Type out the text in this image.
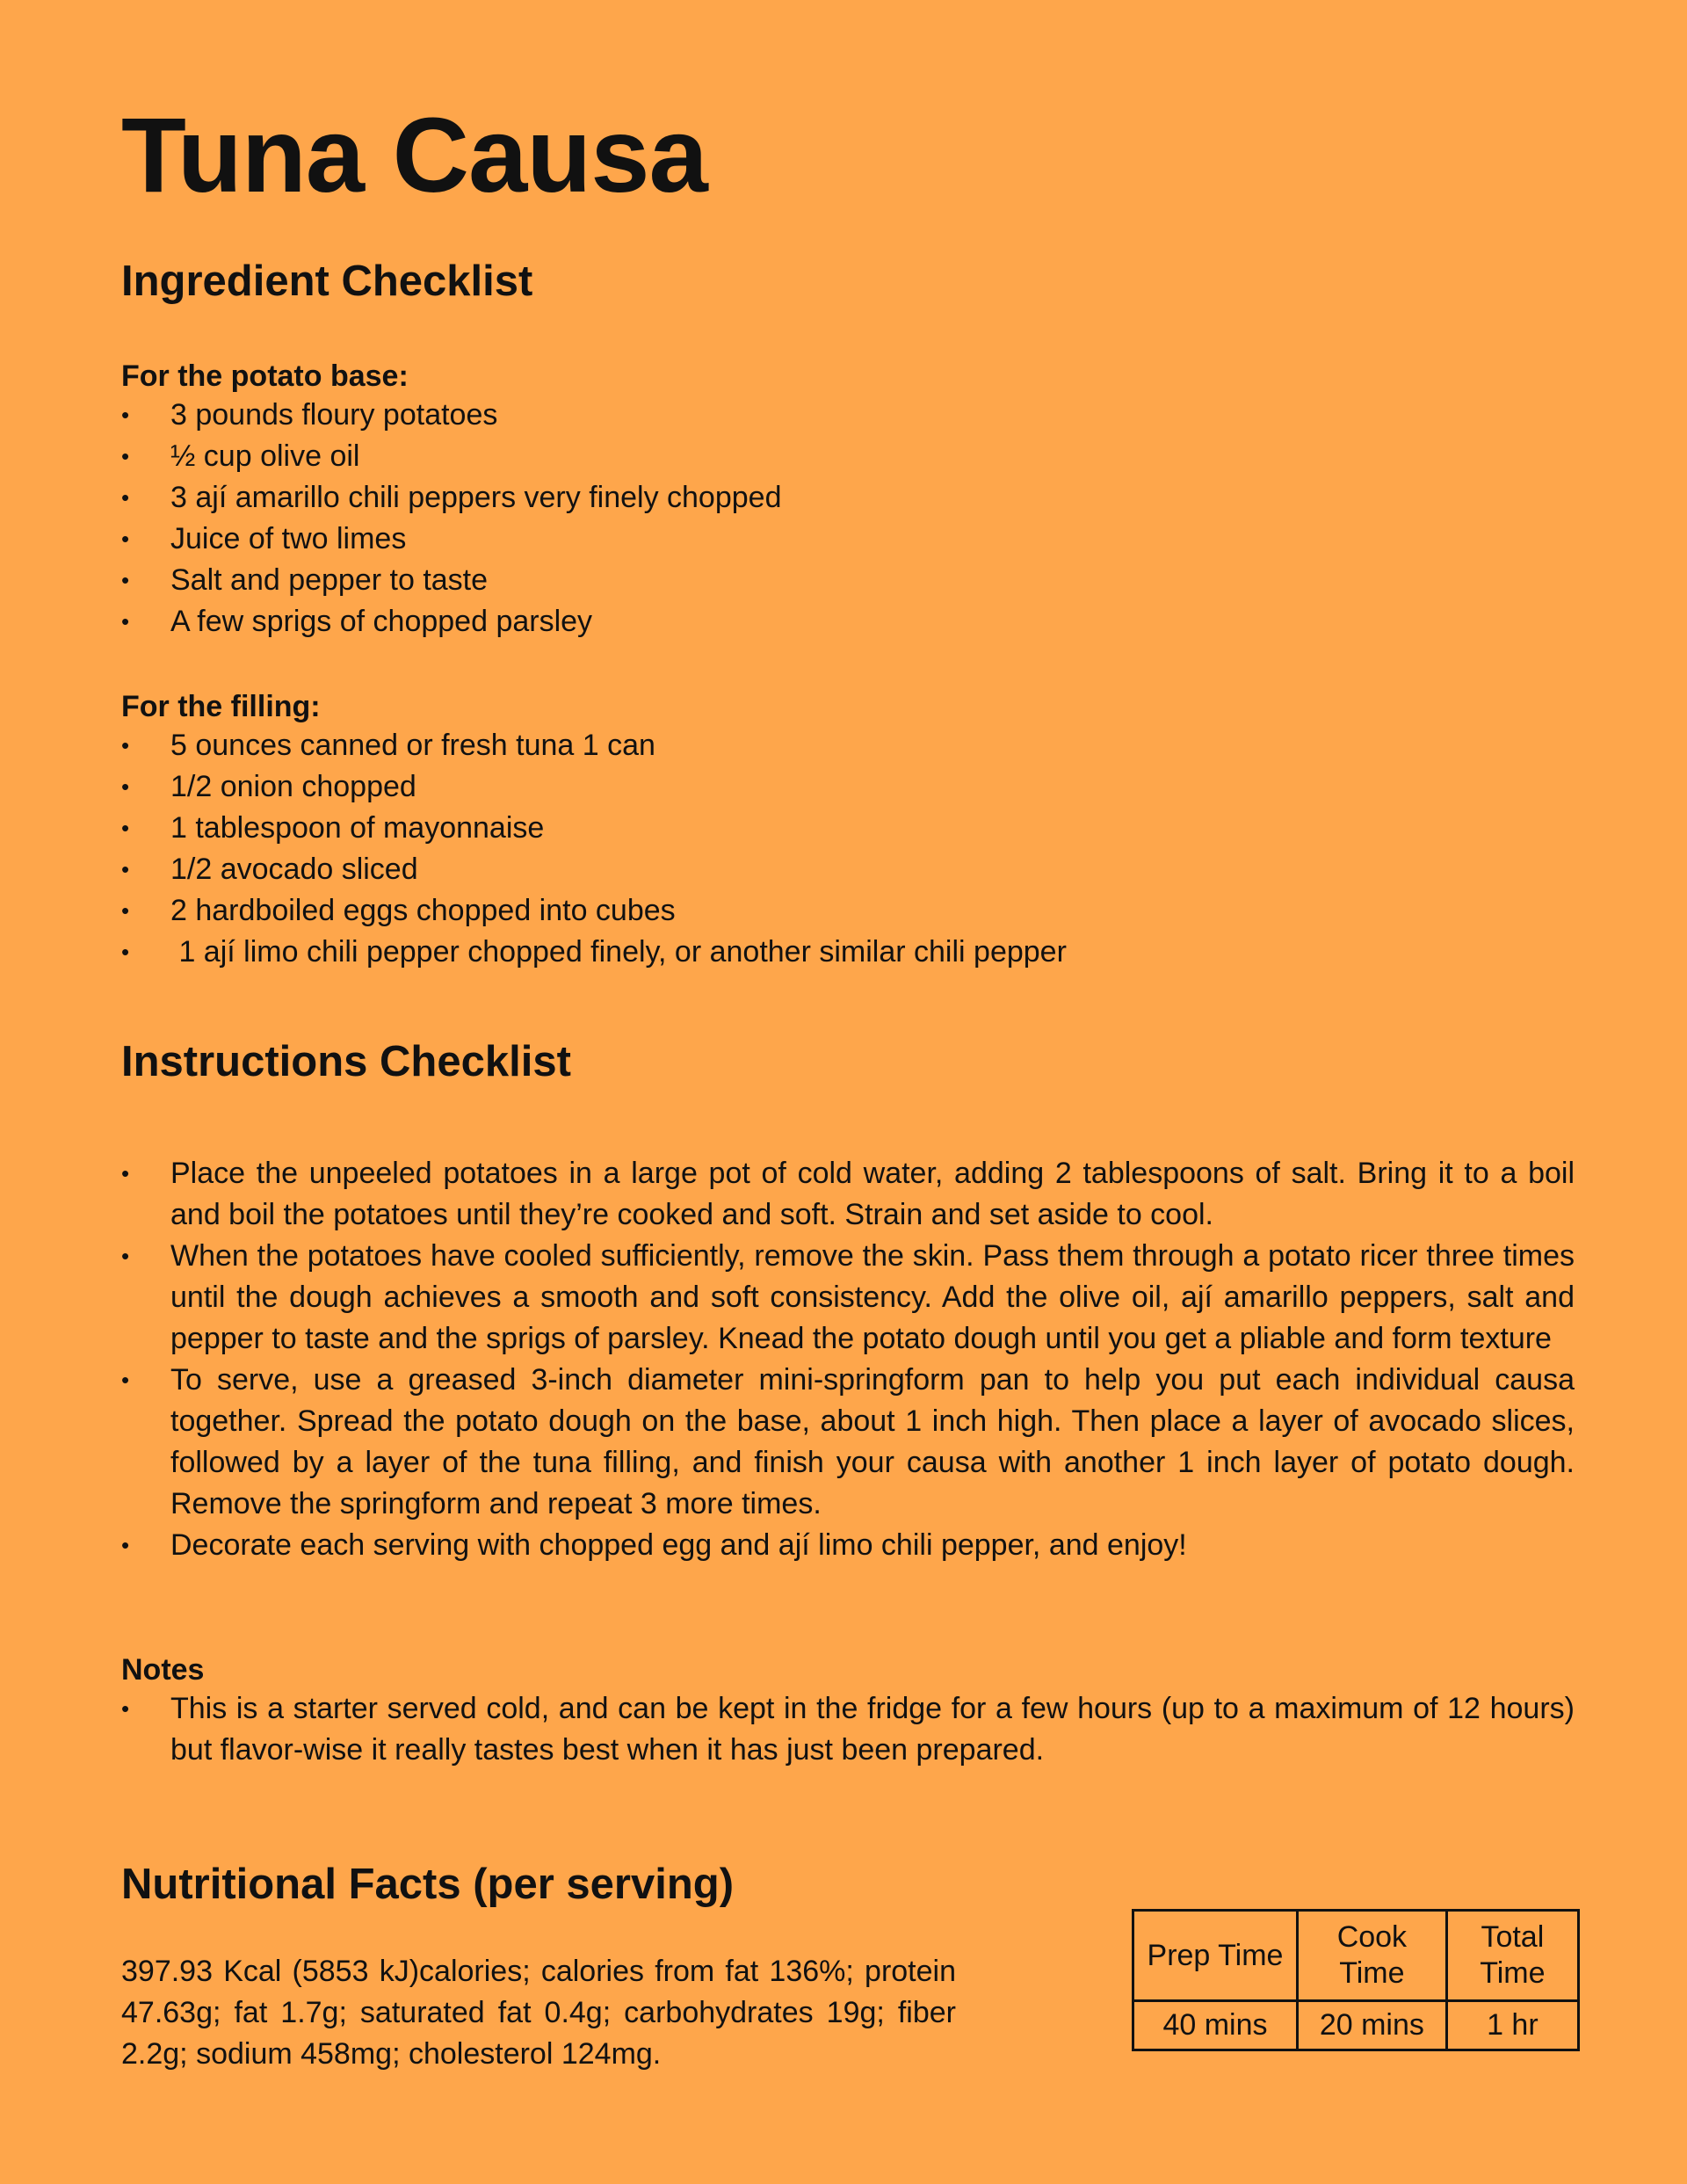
Tuna Causa
Ingredient Checklist
For the potato base:
• 3 pounds floury potatoes
• ½ cup olive oil
• 3 ají amarillo chili peppers very finely chopped
• Juice of two limes
• Salt and pepper to taste
• A few sprigs of chopped parsley
For the filling:
• 5 ounces canned or fresh tuna 1 can
• 1/2 onion chopped
• 1 tablespoon of mayonnaise
• 1/2 avocado sliced
• 2 hardboiled eggs chopped into cubes
•  1 ají limo chili pepper chopped finely, or another similar chili pepper
Instructions Checklist
• Place the unpeeled potatoes in a large pot of cold water, adding 2 tablespoons of salt. Bring it to a boil and boil the potatoes until they’re cooked and soft. Strain and set aside to cool.
• When the potatoes have cooled sufficiently, remove the skin. Pass them through a potato ricer three times until the dough achieves a smooth and soft consistency. Add the olive oil, ají amarillo peppers, salt and pepper to taste and the sprigs of parsley. Knead the potato dough until you get a pliable and form texture
• To serve, use a greased 3-inch diameter mini-springform pan to help you put each individual causa together. Spread the potato dough on the base, about 1 inch high. Then place a layer of avocado slices, followed by a layer of the tuna filling, and finish your causa with another 1 inch layer of potato dough. Remove the springform and repeat 3 more times.
• Decorate each serving with chopped egg and ají limo chili pepper, and enjoy!
Notes
• This is a starter served cold, and can be kept in the fridge for a few hours (up to a maximum of 12 hours) but flavor-wise it really tastes best when it has just been prepared.
Nutritional Facts (per serving)

397.93 Kcal (5853 kJ)calories; calories from fat 136%; protein 47.63g; fat 1.7g; saturated fat 0.4g; carbohydrates 19g; fiber 2.2g; sodium 458mg; cholesterol 124mg.

Prep Time	Cook Time	Total Time
40 mins	20 mins	1 hr
